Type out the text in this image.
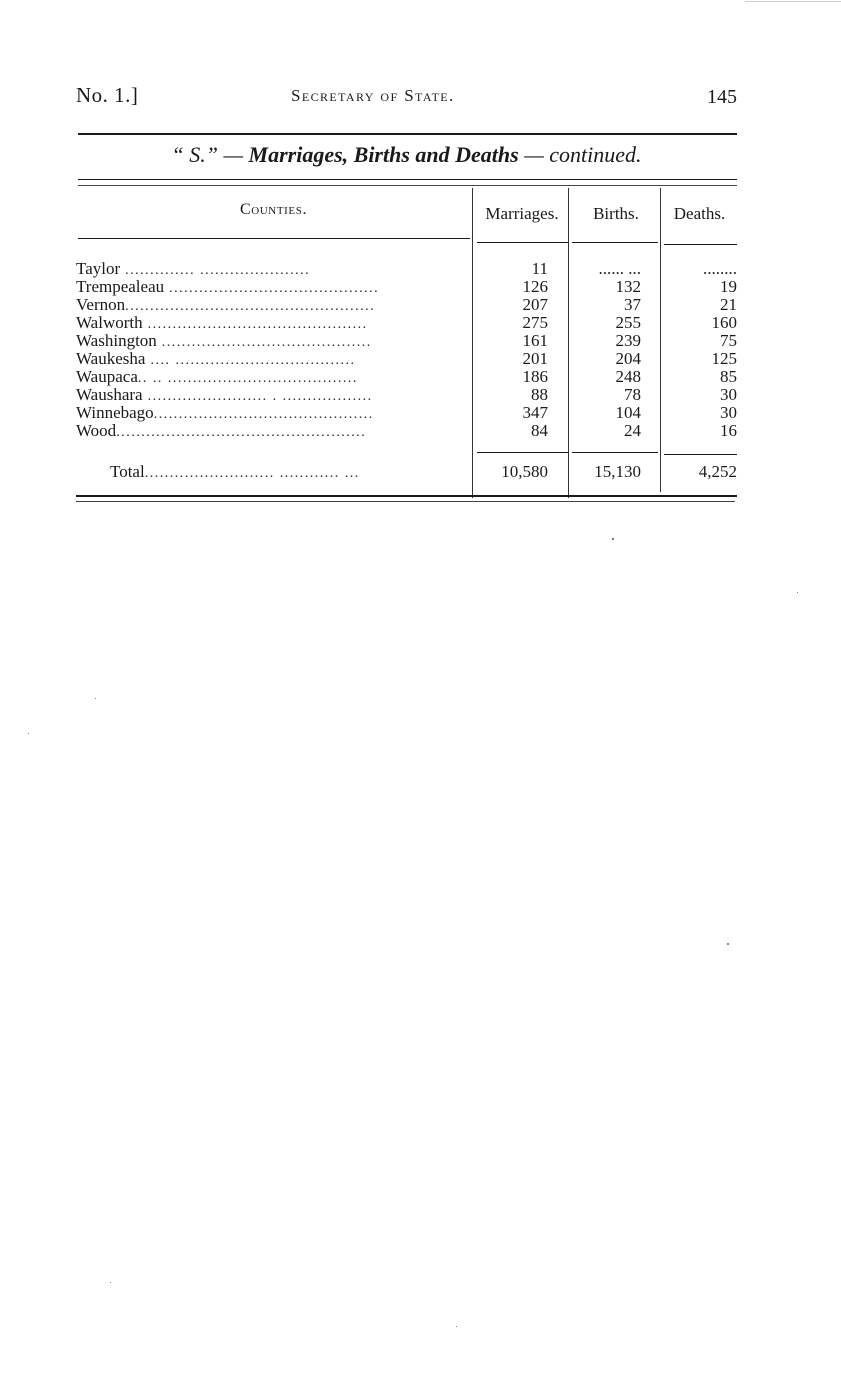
No. 1.]	Secretary of State.	145
“ S.” — Marriages, Births and Deaths — continued.
Counties.	Marriages.	Births.	Deaths.
Taylor .............. ......................	11	...... ...	........
Trempealeau ..........................................	126	132	19
Vernon..................................................	207	37	21
Walworth ............................................	275	255	160
Washington ..........................................	161	239	75
Waukesha .... ....................................	201	204	125
Waupaca.. .. ......................................	186	248	85
Waushara ........................ . ..................	88	78	30
Winnebago............................................	347	104	30
Wood..................................................	84	24	16
Total.......................... ............ ...	10,580	15,130	4,252
